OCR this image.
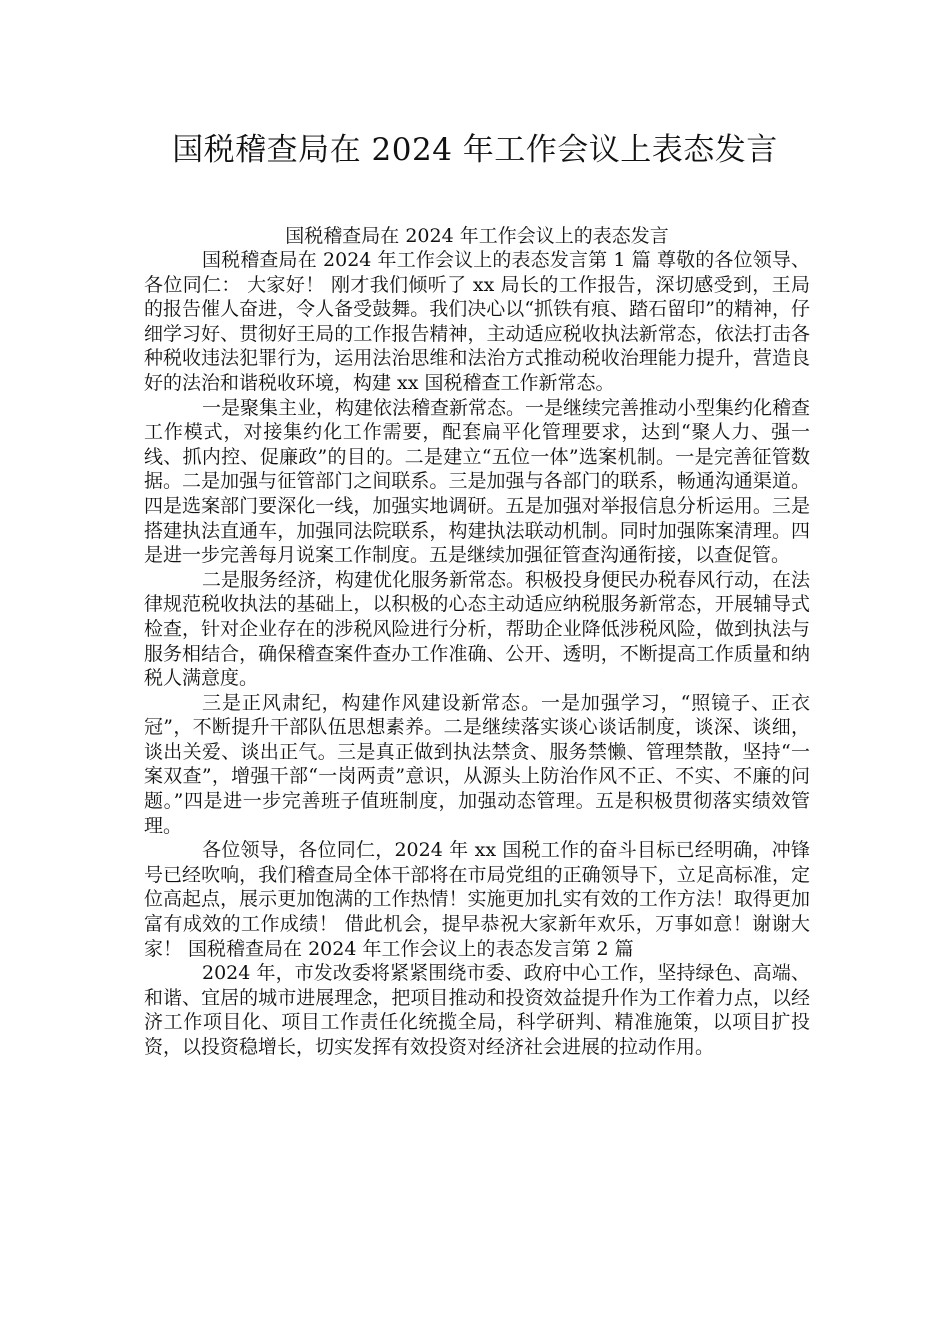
国税稽查局在 2024 年工作会议上表态发言

国税稽查局在 2024 年工作会议上的表态发言

国税稽查局在 2024 年工作会议上的表态发言第 1 篇 尊敬的各位领导、各位同仁： 大家好！ 刚才我们倾听了 xx 局长的工作报告，深切感受到，王局的报告催人奋进，令人备受鼓舞。我们决心以“抓铁有痕、踏石留印”的精神，仔细学习好、贯彻好王局的工作报告精神，主动适应税收执法新常态，依法打击各种税收违法犯罪行为，运用法治思维和法治方式推动税收治理能力提升，营造良好的法治和谐税收环境，构建 xx 国税稽查工作新常态。

一是聚集主业，构建依法稽查新常态。一是继续完善推动小型集约化稽查工作模式，对接集约化工作需要，配套扁平化管理要求，达到“聚人力、强一线、抓内控、促廉政”的目的。二是建立“五位一体”选案机制。一是完善征管数据。二是加强与征管部门之间联系。三是加强与各部门的联系，畅通沟通渠道。四是选案部门要深化一线，加强实地调研。五是加强对举报信息分析运用。三是搭建执法直通车，加强同法院联系，构建执法联动机制。同时加强陈案清理。四是进一步完善每月说案工作制度。五是继续加强征管查沟通衔接，以查促管。

二是服务经济，构建优化服务新常态。积极投身便民办税春风行动，在法律规范税收执法的基础上，以积极的心态主动适应纳税服务新常态，开展辅导式检查，针对企业存在的涉税风险进行分析，帮助企业降低涉税风险，做到执法与服务相结合，确保稽查案件查办工作准确、公开、透明，不断提高工作质量和纳税人满意度。

三是正风肃纪，构建作风建设新常态。一是加强学习，“照镜子、正衣冠”，不断提升干部队伍思想素养。二是继续落实谈心谈话制度，谈深、谈细，谈出关爱、谈出正气。三是真正做到执法禁贪、服务禁懒、管理禁散，坚持“一案双查”，增强干部“一岗两责”意识，从源头上防治作风不正、不实、不廉的问题。”四是进一步完善班子值班制度，加强动态管理。五是积极贯彻落实绩效管理。

各位领导，各位同仁，2024 年 xx 国税工作的奋斗目标已经明确，冲锋号已经吹响，我们稽查局全体干部将在市局党组的正确领导下，立足高标准，定位高起点，展示更加饱满的工作热情！实施更加扎实有效的工作方法！取得更加富有成效的工作成绩！ 借此机会，提早恭祝大家新年欢乐，万事如意！谢谢大家！ 国税稽查局在 2024 年工作会议上的表态发言第 2 篇

2024 年，市发改委将紧紧围绕市委、政府中心工作，坚持绿色、高端、和谐、宜居的城市进展理念，把项目推动和投资效益提升作为工作着力点，以经济工作项目化、项目工作责任化统揽全局，科学研判、精准施策，以项目扩投资，以投资稳增长，切实发挥有效投资对经济社会进展的拉动作用。
